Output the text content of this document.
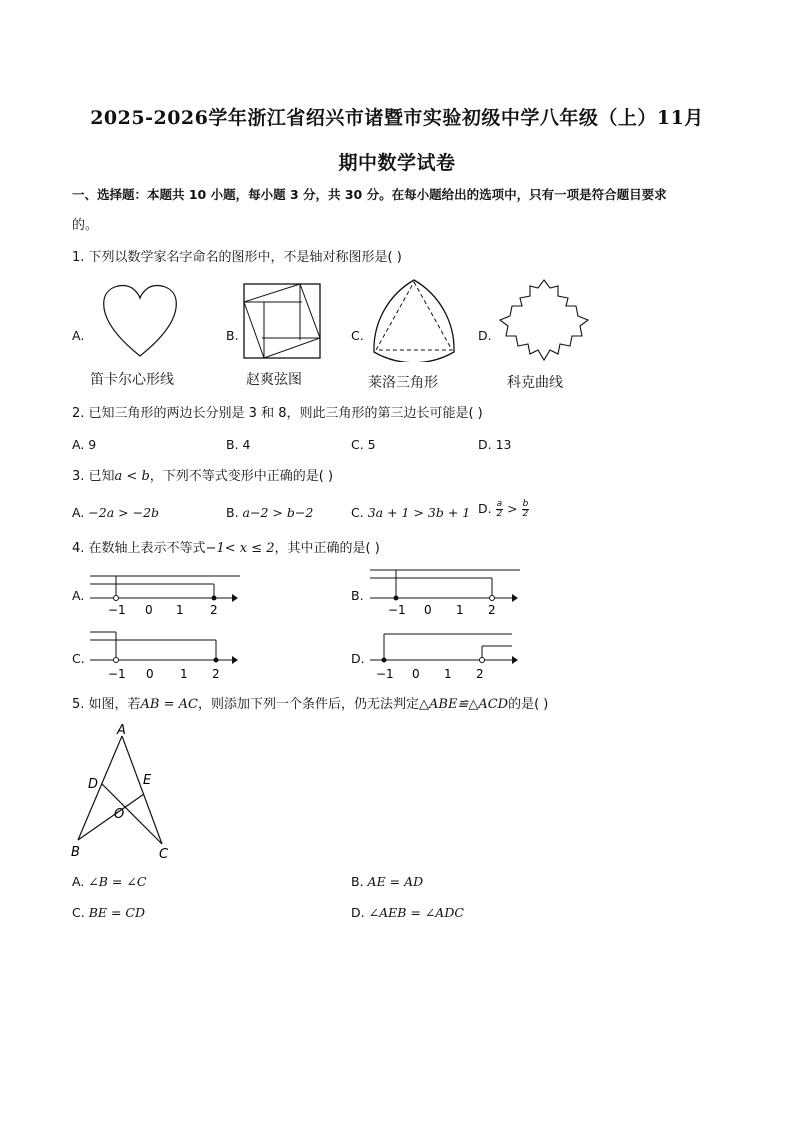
2025-2026学年浙江省绍兴市诸暨市实验初级中学八年级（上）11月
期中数学试卷
一、选择题：本题共 10 小题，每小题 3 分，共 30 分。在每小题给出的选项中，只有一项是符合题目要求
的。
1. 下列以数学家名字命名的图形中，不是轴对称图形是( )
A.
笛卡尔心形线
B.
赵爽弦图
C.
莱洛三角形
D.
科克曲线
2. 已知三角形的两边长分别是 3 和 8，则此三角形的第三边长可能是( )
A. 9	B. 4	C. 5	D. 13
3. 已知a < b，下列不等式变形中正确的是( )
A. −2a > −2b	B. a−2 > b−2	C. 3a + 1 > 3b + 1 D. $\frac{a}{2} > \frac{b}{2}$
4. 在数轴上表示不等式−1< x ≤ 2，其中正确的是( )
A.
−1 0 1 2
B.
−1 0 1 2
C.
−1 0 1 2
D.
−1 0 1 2
5. 如图，若AB = AC，则添加下列一个条件后，仍无法判定△ABE≌△ACD的是( )
A
D	E
O
B	C
A. ∠B = ∠C	B. AE = AD
C. BE = CD	D. ∠AEB = ∠ADC
